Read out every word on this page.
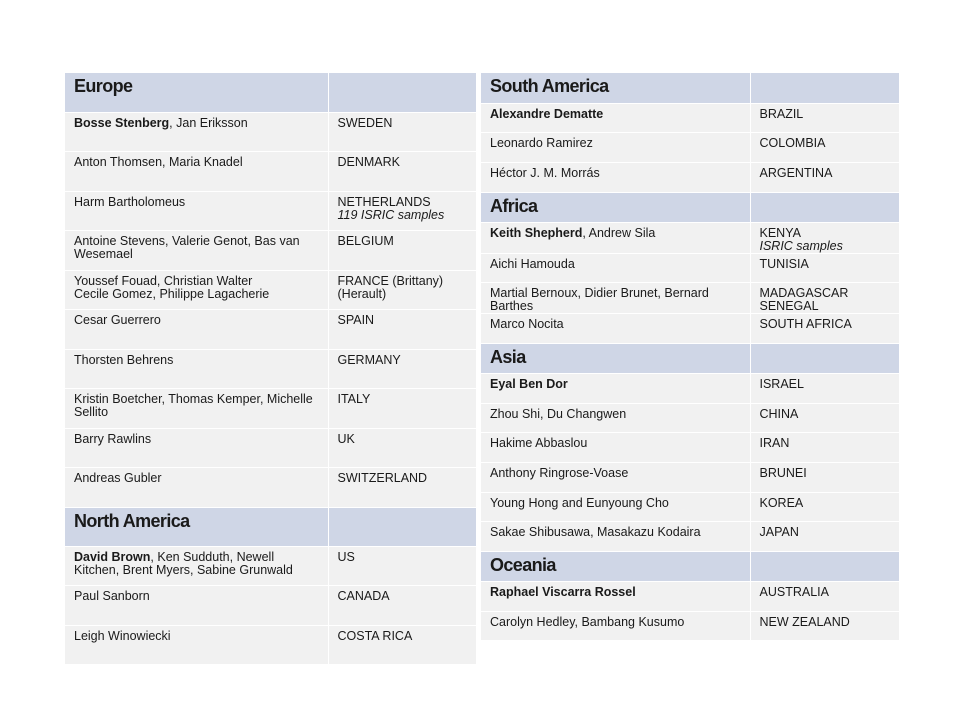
Europe	
Bosse Stenberg, Jan Eriksson	SWEDEN

Anton Thomsen, Maria Knadel	DENMARK

Harm Bartholomeus	NETHERLANDS
119 ISRIC samples

Antoine Stevens, Valerie Genot, Bas van Wesemael	BELGIUM

Youssef Fouad, Christian Walter
Cecile Gomez, Philippe Lagacherie	FRANCE (Brittany)
(Herault)

Cesar Guerrero	SPAIN

Thorsten Behrens	GERMANY

Kristin Boetcher, Thomas Kemper, Michelle Sellito	ITALY

Barry Rawlins	UK

Andreas Gubler	SWITZERLAND

North America	
David Brown, Ken Sudduth, Newell Kitchen, Brent Myers, Sabine Grunwald	US

Paul Sanborn	CANADA

Leigh Winowiecki	COSTA RICA
South America	
Alexandre Dematte	BRAZIL

Leonardo Ramirez	COLOMBIA

Héctor J. M. Morrás	ARGENTINA

Africa	
Keith Shepherd, Andrew Sila	KENYA
ISRIC samples

Aichi Hamouda	TUNISIA

Martial Bernoux, Didier Brunet, Bernard Barthes	MADAGASCAR
SENEGAL

Marco Nocita	SOUTH AFRICA

Asia	
Eyal Ben Dor	ISRAEL

Zhou Shi, Du Changwen	CHINA

Hakime Abbaslou	IRAN

Anthony Ringrose-Voase	BRUNEI

Young Hong and Eunyoung Cho	KOREA

Sakae Shibusawa, Masakazu Kodaira	JAPAN

Oceania	
Raphael Viscarra Rossel	AUSTRALIA

Carolyn Hedley, Bambang Kusumo	NEW ZEALAND
